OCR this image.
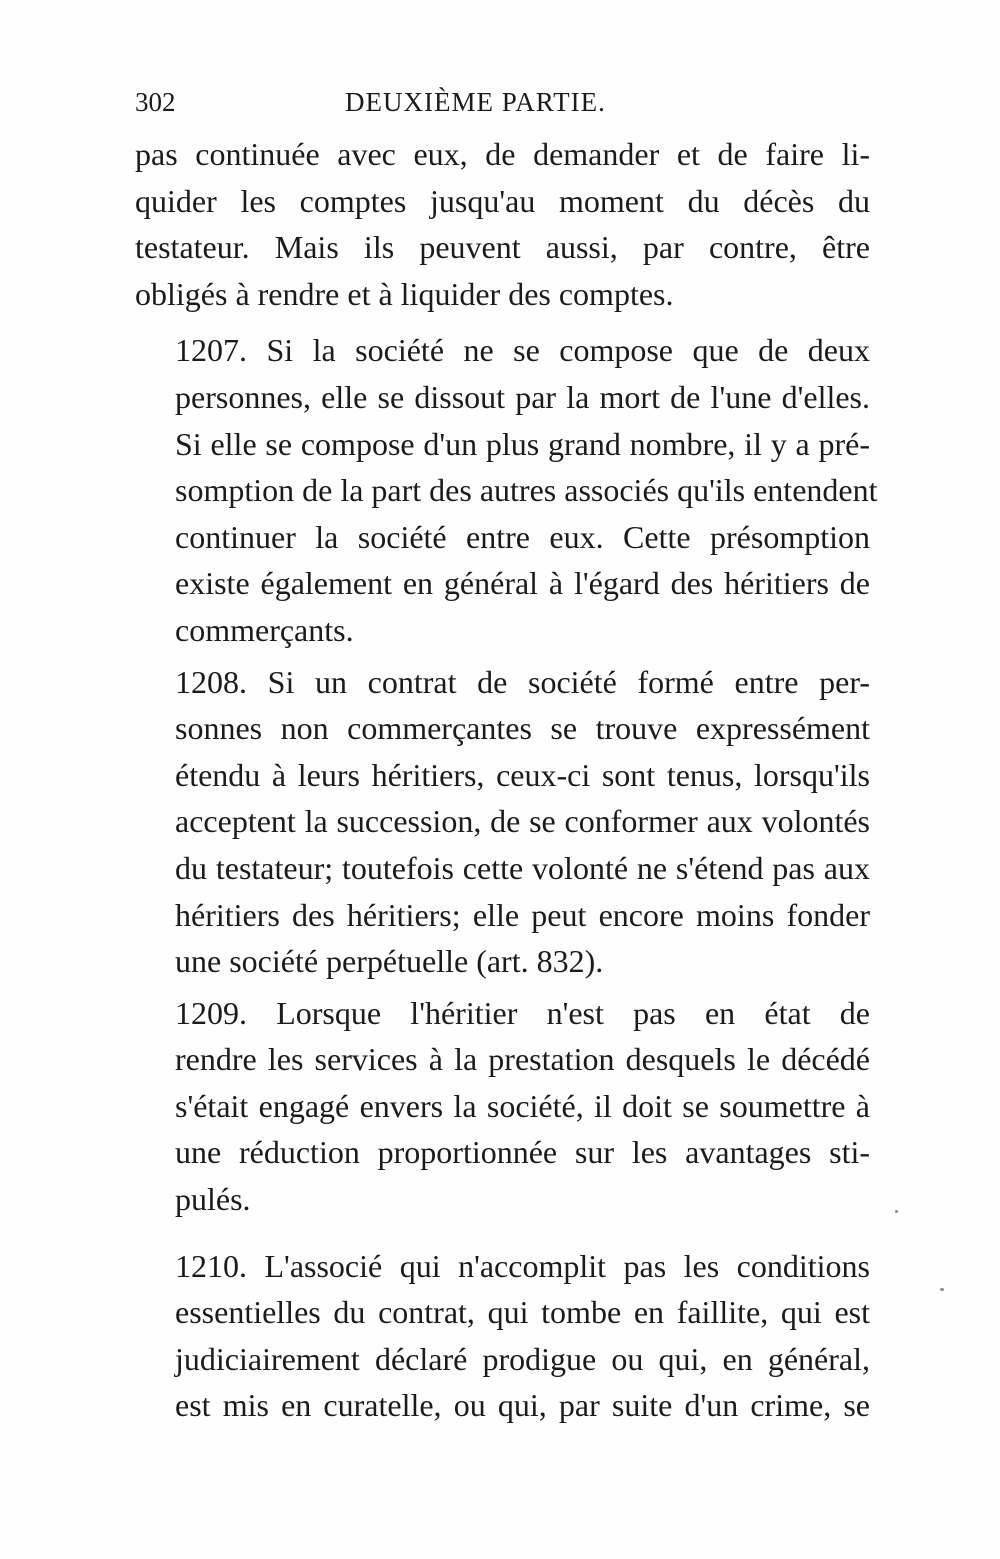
302	DEUXIÈME PARTIE.
pas continuée avec eux, de demander et de faire li-
quider les comptes jusqu'au moment du décès du
testateur. Mais ils peuvent aussi, par contre, être
obligés à rendre et à liquider des comptes.
1207. Si la société ne se compose que de deux
personnes, elle se dissout par la mort de l'une d'elles.
Si elle se compose d'un plus grand nombre, il y a pré-
somption de la part des autres associés qu'ils entendent
continuer la société entre eux. Cette présomption
existe également en général à l'égard des héritiers de
commerçants.
1208. Si un contrat de société formé entre per-
sonnes non commerçantes se trouve expressément
étendu à leurs héritiers, ceux-ci sont tenus, lorsqu'ils
acceptent la succession, de se conformer aux volontés
du testateur; toutefois cette volonté ne s'étend pas aux
héritiers des héritiers; elle peut encore moins fonder
une société perpétuelle (art. 832).
1209. Lorsque l'héritier n'est pas en état de
rendre les services à la prestation desquels le décédé
s'était engagé envers la société, il doit se soumettre à
une réduction proportionnée sur les avantages sti-
pulés.
1210. L'associé qui n'accomplit pas les conditions
essentielles du contrat, qui tombe en faillite, qui est
judiciairement déclaré prodigue ou qui, en général,
est mis en curatelle, ou qui, par suite d'un crime, se
